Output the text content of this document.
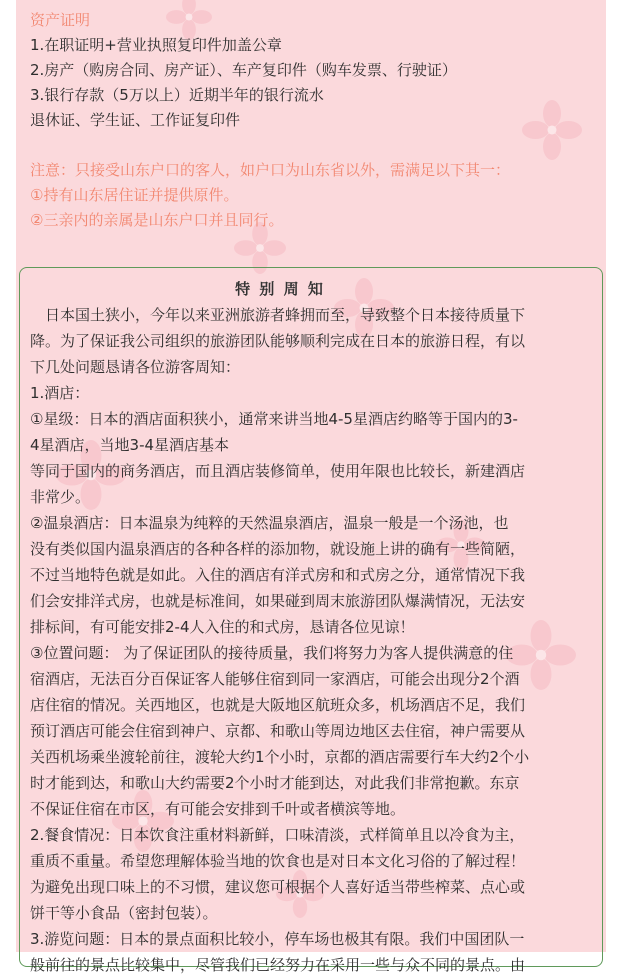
资产证明
1.在职证明+营业执照复印件加盖公章
2.房产（购房合同、房产证）、车产复印件（购车发票、行驶证）
3.银行存款（5万以上）近期半年的银行流水
退休证、学生证、工作证复印件
注意：只接受山东户口的客人，如户口为山东省以外，需满足以下其一：
①持有山东居住证并提供原件。
②三亲内的亲属是山东户口并且同行。
特 别 周 知
　日本国土狭小，今年以来亚洲旅游者蜂拥而至，导致整个日本接待质量下
降。为了保证我公司组织的旅游团队能够顺利完成在日本的旅游日程，有以
下几处问题恳请各位游客周知：
1.酒店：
①星级：日本的酒店面积狭小，通常来讲当地4-5星酒店约略等于国内的3-
4星酒店，当地3-4星酒店基本
等同于国内的商务酒店，而且酒店装修简单，使用年限也比较长，新建酒店
非常少。
②温泉酒店：日本温泉为纯粹的天然温泉酒店，温泉一般是一个汤池，也
没有类似国内温泉酒店的各种各样的添加物，就设施上讲的确有一些简陋，
不过当地特色就是如此。入住的酒店有洋式房和和式房之分，通常情况下我
们会安排洋式房，也就是标准间，如果碰到周末旅游团队爆满情况，无法安
排标间，有可能安排2-4人入住的和式房，恳请各位见谅！
③位置问题： 为了保证团队的接待质量，我们将努力为客人提供满意的住
宿酒店，无法百分百保证客人能够住宿到同一家酒店，可能会出现分2个酒
店住宿的情况。关西地区，也就是大阪地区航班众多，机场酒店不足，我们
预订酒店可能会住宿到神户、京都、和歌山等周边地区去住宿，神户需要从
关西机场乘坐渡轮前往，渡轮大约1个小时，京都的酒店需要行车大约2个小
时才能到达，和歌山大约需要2个小时才能到达，对此我们非常抱歉。东京
不保证住宿在市区，有可能会安排到千叶或者横滨等地。
2.餐食情况：日本饮食注重材料新鲜，口味清淡，式样简单且以冷食为主，
重质不重量。希望您理解体验当地的饮食也是对日本文化习俗的了解过程！
为避免出现口味上的不习惯，建议您可根据个人喜好适当带些榨菜、点心或
饼干等小食品（密封包装）。
3.游览问题：日本的景点面积比较小，停车场也极其有限。我们中国团队一
般前往的景点比较集中，尽管我们已经努力在采用一些与众不同的景点。由
